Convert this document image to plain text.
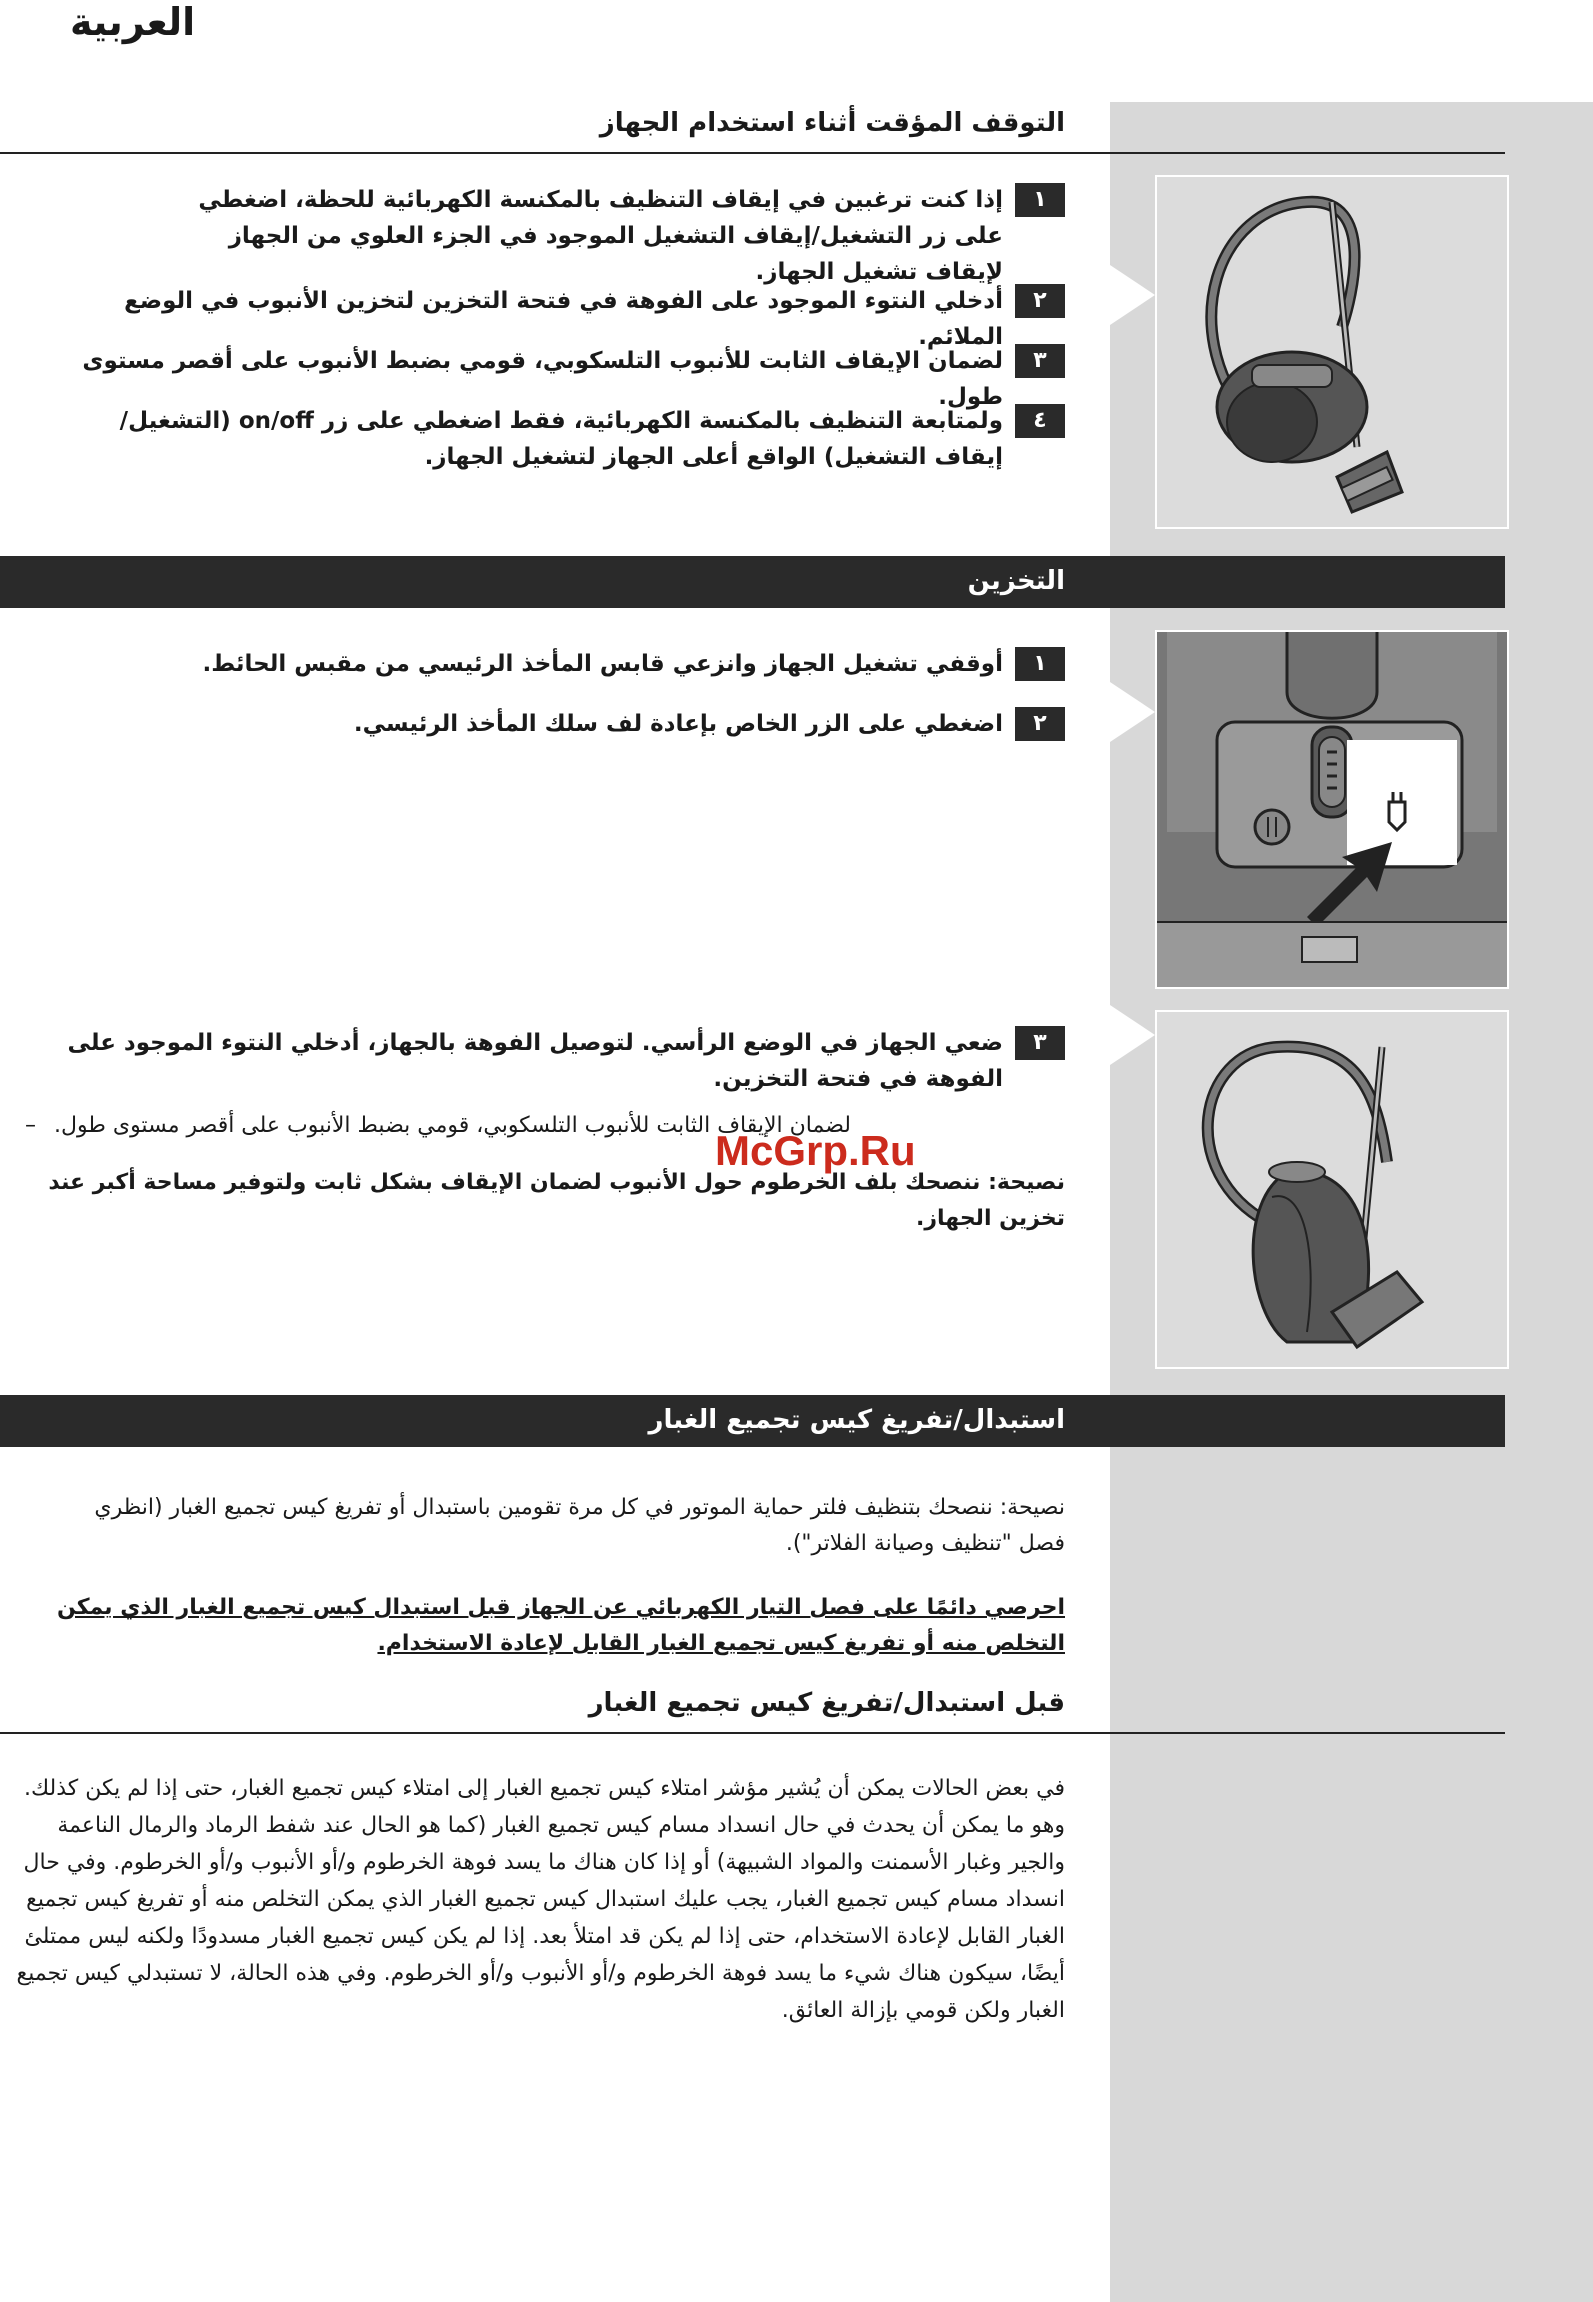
العربية
التوقف المؤقت أثناء استخدام الجهاز
١
إذا كنت ترغبين في إيقاف التنظيف بالمكنسة الكهربائية للحظة، اضغطي على زر التشغيل/إيقاف التشغيل الموجود في الجزء العلوي من الجهاز لإيقاف تشغيل الجهاز.
٢
أدخلي النتوء الموجود على الفوهة في فتحة التخزين لتخزين الأنبوب في الوضع الملائم.
٣
لضمان الإيقاف الثابت للأنبوب التلسكوبي، قومي بضبط الأنبوب على أقصر مستوى طول.
٤
ولمتابعة التنظيف بالمكنسة الكهربائية، فقط اضغطي على زر on/off (التشغيل/إيقاف التشغيل) الواقع أعلى الجهاز لتشغيل الجهاز.
التخزين
١
أوقفي تشغيل الجهاز وانزعي قابس المأخذ الرئيسي من مقبس الحائط.
٢
اضغطي على الزر الخاص بإعادة لف سلك المأخذ الرئيسي.
٣
ضعي الجهاز في الوضع الرأسي. لتوصيل الفوهة بالجهاز، أدخلي النتوء الموجود على الفوهة في فتحة التخزين.
– لضمان الإيقاف الثابت للأنبوب التلسكوبي، قومي بضبط الأنبوب على أقصر مستوى طول.
نصيحة: ننصحك بلف الخرطوم حول الأنبوب لضمان الإيقاف بشكل ثابت ولتوفير مساحة أكبر عند تخزين الجهاز.
McGrp.Ru
استبدال/تفريغ كيس تجميع الغبار
نصيحة: ننصحك بتنظيف فلتر حماية الموتور في كل مرة تقومين باستبدال أو تفريغ كيس تجميع الغبار (انظري فصل "تنظيف وصيانة الفلاتر").
احرصي دائمًا على فصل التيار الكهربائي عن الجهاز قبل استبدال كيس تجميع الغبار الذي يمكن التخلص منه أو تفريغ كيس تجميع الغبار القابل لإعادة الاستخدام.
قبل استبدال/تفريغ كيس تجميع الغبار
في بعض الحالات يمكن أن يُشير مؤشر امتلاء كيس تجميع الغبار إلى امتلاء كيس تجميع الغبار، حتى إذا لم يكن كذلك. وهو ما يمكن أن يحدث في حال انسداد مسام كيس تجميع الغبار (كما هو الحال عند شفط الرماد والرمال الناعمة والجير وغبار الأسمنت والمواد الشبيهة) أو إذا كان هناك ما يسد فوهة الخرطوم و/أو الأنبوب و/أو الخرطوم. وفي حال انسداد مسام كيس تجميع الغبار، يجب عليك استبدال كيس تجميع الغبار الذي يمكن التخلص منه أو تفريغ كيس تجميع الغبار القابل لإعادة الاستخدام، حتى إذا لم يكن قد امتلأ بعد. إذا لم يكن كيس تجميع الغبار مسدودًا ولكنه ليس ممتلئ أيضًا، سيكون هناك شيء ما يسد فوهة الخرطوم و/أو الأنبوب و/أو الخرطوم. وفي هذه الحالة، لا تستبدلي كيس تجميع الغبار ولكن قومي بإزالة العائق.
